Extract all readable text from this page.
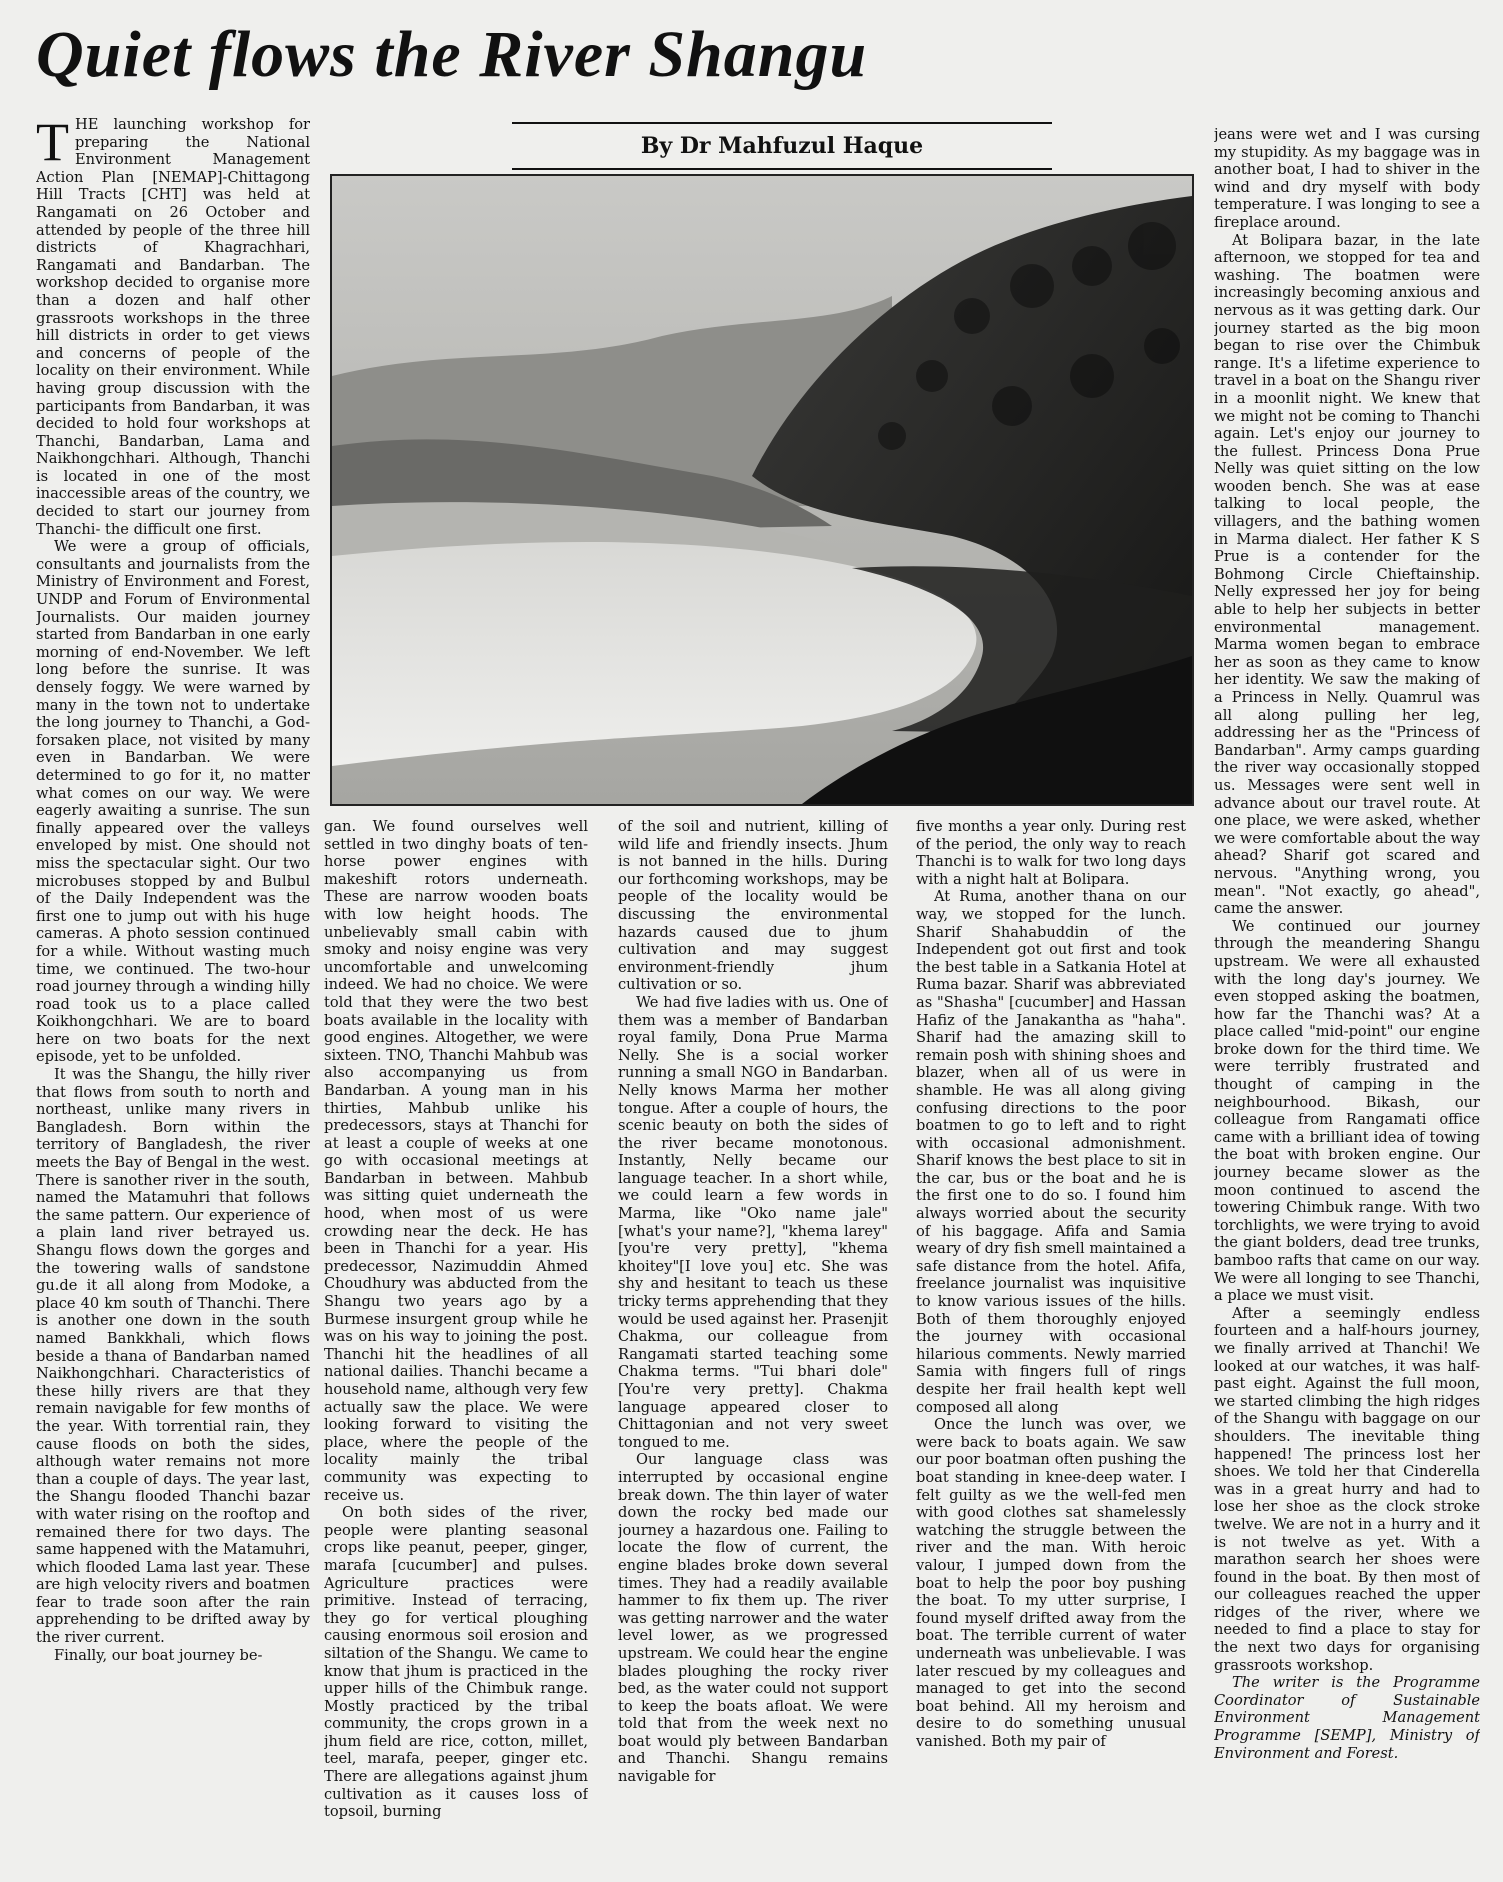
Quiet flows the River Shangu
By Dr Mahfuzul Haque

THE launching workshop for preparing the National Environment Management Action Plan [NEMAP]-Chittagong Hill Tracts [CHT] was held at Rangamati on 26 October and attended by people of the three hill districts of Khagrachhari, Rangamati and Bandarban. The workshop decided to organise more than a dozen and half other grassroots workshops in the three hill districts in order to get views and concerns of people of the locality on their environment. While having group discussion with the participants from Bandarban, it was decided to hold four workshops at Thanchi, Bandarban, Lama and Naikhongchhari. Although, Thanchi is located in one of the most inaccessible areas of the country, we decided to start our journey from Thanchi- the difficult one first.

We were a group of officials, consultants and journalists from the Ministry of Environment and Forest, UNDP and Forum of Environmental Journalists. Our maiden journey started from Bandarban in one early morning of end-November. We left long before the sunrise. It was densely foggy. We were warned by many in the town not to undertake the long journey to Thanchi, a God-forsaken place, not visited by many even in Bandarban. We were determined to go for it, no matter what comes on our way. We were eagerly awaiting a sunrise. The sun finally appeared over the valleys enveloped by mist. One should not miss the spectacular sight. Our two microbuses stopped by and Bulbul of the Daily Independent was the first one to jump out with his huge cameras. A photo session continued for a while. Without wasting much time, we continued. The two-hour road journey through a winding hilly road took us to a place called Koikhongchhari. We are to board here on two boats for the next episode, yet to be unfolded.

It was the Shangu, the hilly river that flows from south to north and northeast, unlike many rivers in Bangladesh. Born within the territory of Bangladesh, the river meets the Bay of Bengal in the west. There is sanother river in the south, named the Matamuhri that follows the same pattern. Our experience of a plain land river betrayed us. Shangu flows down the gorges and the towering walls of sandstone gu.de it all along from Modoke, a place 40 km south of Thanchi. There is another one down in the south named Bankkhali, which flows beside a thana of Bandarban named Naikhongchhari. Characteristics of these hilly rivers are that they remain navigable for few months of the year. With torrential rain, they cause floods on both the sides, although water remains not more than a couple of days. The year last, the Shangu flooded Thanchi bazar with water rising on the rooftop and remained there for two days. The same happened with the Matamuhri, which flooded Lama last year. These are high velocity rivers and boatmen fear to trade soon after the rain apprehending to be drifted away by the river current.

Finally, our boat journey be-

gan. We found ourselves well settled in two dinghy boats of ten-horse power engines with makeshift rotors underneath. These are narrow wooden boats with low height hoods. The unbelievably small cabin with smoky and noisy engine was very uncomfortable and unwelcoming indeed. We had no choice. We were told that they were the two best boats available in the locality with good engines. Altogether, we were sixteen. TNO, Thanchi Mahbub was also accompanying us from Bandarban. A young man in his thirties, Mahbub unlike his predecessors, stays at Thanchi for at least a couple of weeks at one go with occasional meetings at Bandarban in between. Mahbub was sitting quiet underneath the hood, when most of us were crowding near the deck. He has been in Thanchi for a year. His predecessor, Nazimuddin Ahmed Choudhury was abducted from the Shangu two years ago by a Burmese insurgent group while he was on his way to joining the post. Thanchi hit the headlines of all national dailies. Thanchi became a household name, although very few actually saw the place. We were looking forward to visiting the place, where the people of the locality mainly the tribal community was expecting to receive us.

On both sides of the river, people were planting seasonal crops like peanut, peeper, ginger, marafa [cucumber] and pulses. Agriculture practices were primitive. Instead of terracing, they go for vertical ploughing causing enormous soil erosion and siltation of the Shangu. We came to know that jhum is practiced in the upper hills of the Chimbuk range. Mostly practiced by the tribal community, the crops grown in a jhum field are rice, cotton, millet, teel, marafa, peeper, ginger etc. There are allegations against jhum cultivation as it causes loss of topsoil, burning

of the soil and nutrient, killing of wild life and friendly insects. Jhum is not banned in the hills. During our forthcoming workshops, may be people of the locality would be discussing the environmental hazards caused due to jhum cultivation and may suggest environment-friendly jhum cultivation or so.

We had five ladies with us. One of them was a member of Bandarban royal family, Dona Prue Marma Nelly. She is a social worker running a small NGO in Bandarban. Nelly knows Marma her mother tongue. After a couple of hours, the scenic beauty on both the sides of the river became monotonous. Instantly, Nelly became our language teacher. In a short while, we could learn a few words in Marma, like "Oko name jale" [what's your name?], "khema larey"[you're very pretty], "khema khoitey"[I love you] etc. She was shy and hesitant to teach us these tricky terms apprehending that they would be used against her. Prasenjit Chakma, our colleague from Rangamati started teaching some Chakma terms. "Tui bhari dole"[You're very pretty]. Chakma language appeared closer to Chittagonian and not very sweet tongued to me.

Our language class was interrupted by occasional engine break down. The thin layer of water down the rocky bed made our journey a hazardous one. Failing to locate the flow of current, the engine blades broke down several times. They had a readily available hammer to fix them up. The river was getting narrower and the water level lower, as we progressed upstream. We could hear the engine blades ploughing the rocky river bed, as the water could not support to keep the boats afloat. We were told that from the week next no boat would ply between Bandarban and Thanchi. Shangu remains navigable for

five months a year only. During rest of the period, the only way to reach Thanchi is to walk for two long days with a night halt at Bolipara.

At Ruma, another thana on our way, we stopped for the lunch. Sharif Shahabuddin of the Independent got out first and took the best table in a Satkania Hotel at Ruma bazar. Sharif was abbreviated as "Shasha" [cucumber] and Hassan Hafiz of the Janakantha as "haha". Sharif had the amazing skill to remain posh with shining shoes and blazer, when all of us were in shamble. He was all along giving confusing directions to the poor boatmen to go to left and to right with occasional admonishment. Sharif knows the best place to sit in the car, bus or the boat and he is the first one to do so. I found him always worried about the security of his baggage. Afifa and Samia weary of dry fish smell maintained a safe distance from the hotel. Afifa, freelance journalist was inquisitive to know various issues of the hills. Both of them thoroughly enjoyed the journey with occasional hilarious comments. Newly married Samia with fingers full of rings despite her frail health kept well composed all along

Once the lunch was over, we were back to boats again. We saw our poor boatman often pushing the boat standing in knee-deep water. I felt guilty as we the well-fed men with good clothes sat shamelessly watching the struggle between the river and the man. With heroic valour, I jumped down from the boat to help the poor boy pushing the boat. To my utter surprise, I found myself drifted away from the boat. The terrible current of water underneath was unbelievable. I was later rescued by my colleagues and managed to get into the second boat behind. All my heroism and desire to do something unusual vanished. Both my pair of

jeans were wet and I was cursing my stupidity. As my baggage was in another boat, I had to shiver in the wind and dry myself with body temperature. I was longing to see a fireplace around.

At Bolipara bazar, in the late afternoon, we stopped for tea and washing. The boatmen were increasingly becoming anxious and nervous as it was getting dark. Our journey started as the big moon began to rise over the Chimbuk range. It's a lifetime experience to travel in a boat on the Shangu river in a moonlit night. We knew that we might not be coming to Thanchi again. Let's enjoy our journey to the fullest. Princess Dona Prue Nelly was quiet sitting on the low wooden bench. She was at ease talking to local people, the villagers, and the bathing women in Marma dialect. Her father K S Prue is a contender for the Bohmong Circle Chieftainship. Nelly expressed her joy for being able to help her subjects in better environmental management. Marma women began to embrace her as soon as they came to know her identity. We saw the making of a Princess in Nelly. Quamrul was all along pulling her leg, addressing her as the "Princess of Bandarban". Army camps guarding the river way occasionally stopped us. Messages were sent well in advance about our travel route. At one place, we were asked, whether we were comfortable about the way ahead? Sharif got scared and nervous. "Anything wrong, you mean". "Not exactly, go ahead", came the answer.

We continued our journey through the meandering Shangu upstream. We were all exhausted with the long day's journey. We even stopped asking the boatmen, how far the Thanchi was? At a place called "mid-point" our engine broke down for the third time. We were terribly frustrated and thought of camping in the neighbourhood. Bikash, our colleague from Rangamati office came with a brilliant idea of towing the boat with broken engine. Our journey became slower as the moon continued to ascend the towering Chimbuk range. With two torchlights, we were trying to avoid the giant bolders, dead tree trunks, bamboo rafts that came on our way. We were all longing to see Thanchi, a place we must visit.

After a seemingly endless fourteen and a half-hours journey, we finally arrived at Thanchi! We looked at our watches, it was half-past eight. Against the full moon, we started climbing the high ridges of the Shangu with baggage on our shoulders. The inevitable thing happened! The princess lost her shoes. We told her that Cinderella was in a great hurry and had to lose her shoe as the clock stroke twelve. We are not in a hurry and it is not twelve as yet. With a marathon search her shoes were found in the boat. By then most of our colleagues reached the upper ridges of the river, where we needed to find a place to stay for the next two days for organising grassroots workshop.

The writer is the Programme Coordinator of Sustainable Environment Management Programme [SEMP], Ministry of Environment and Forest.
